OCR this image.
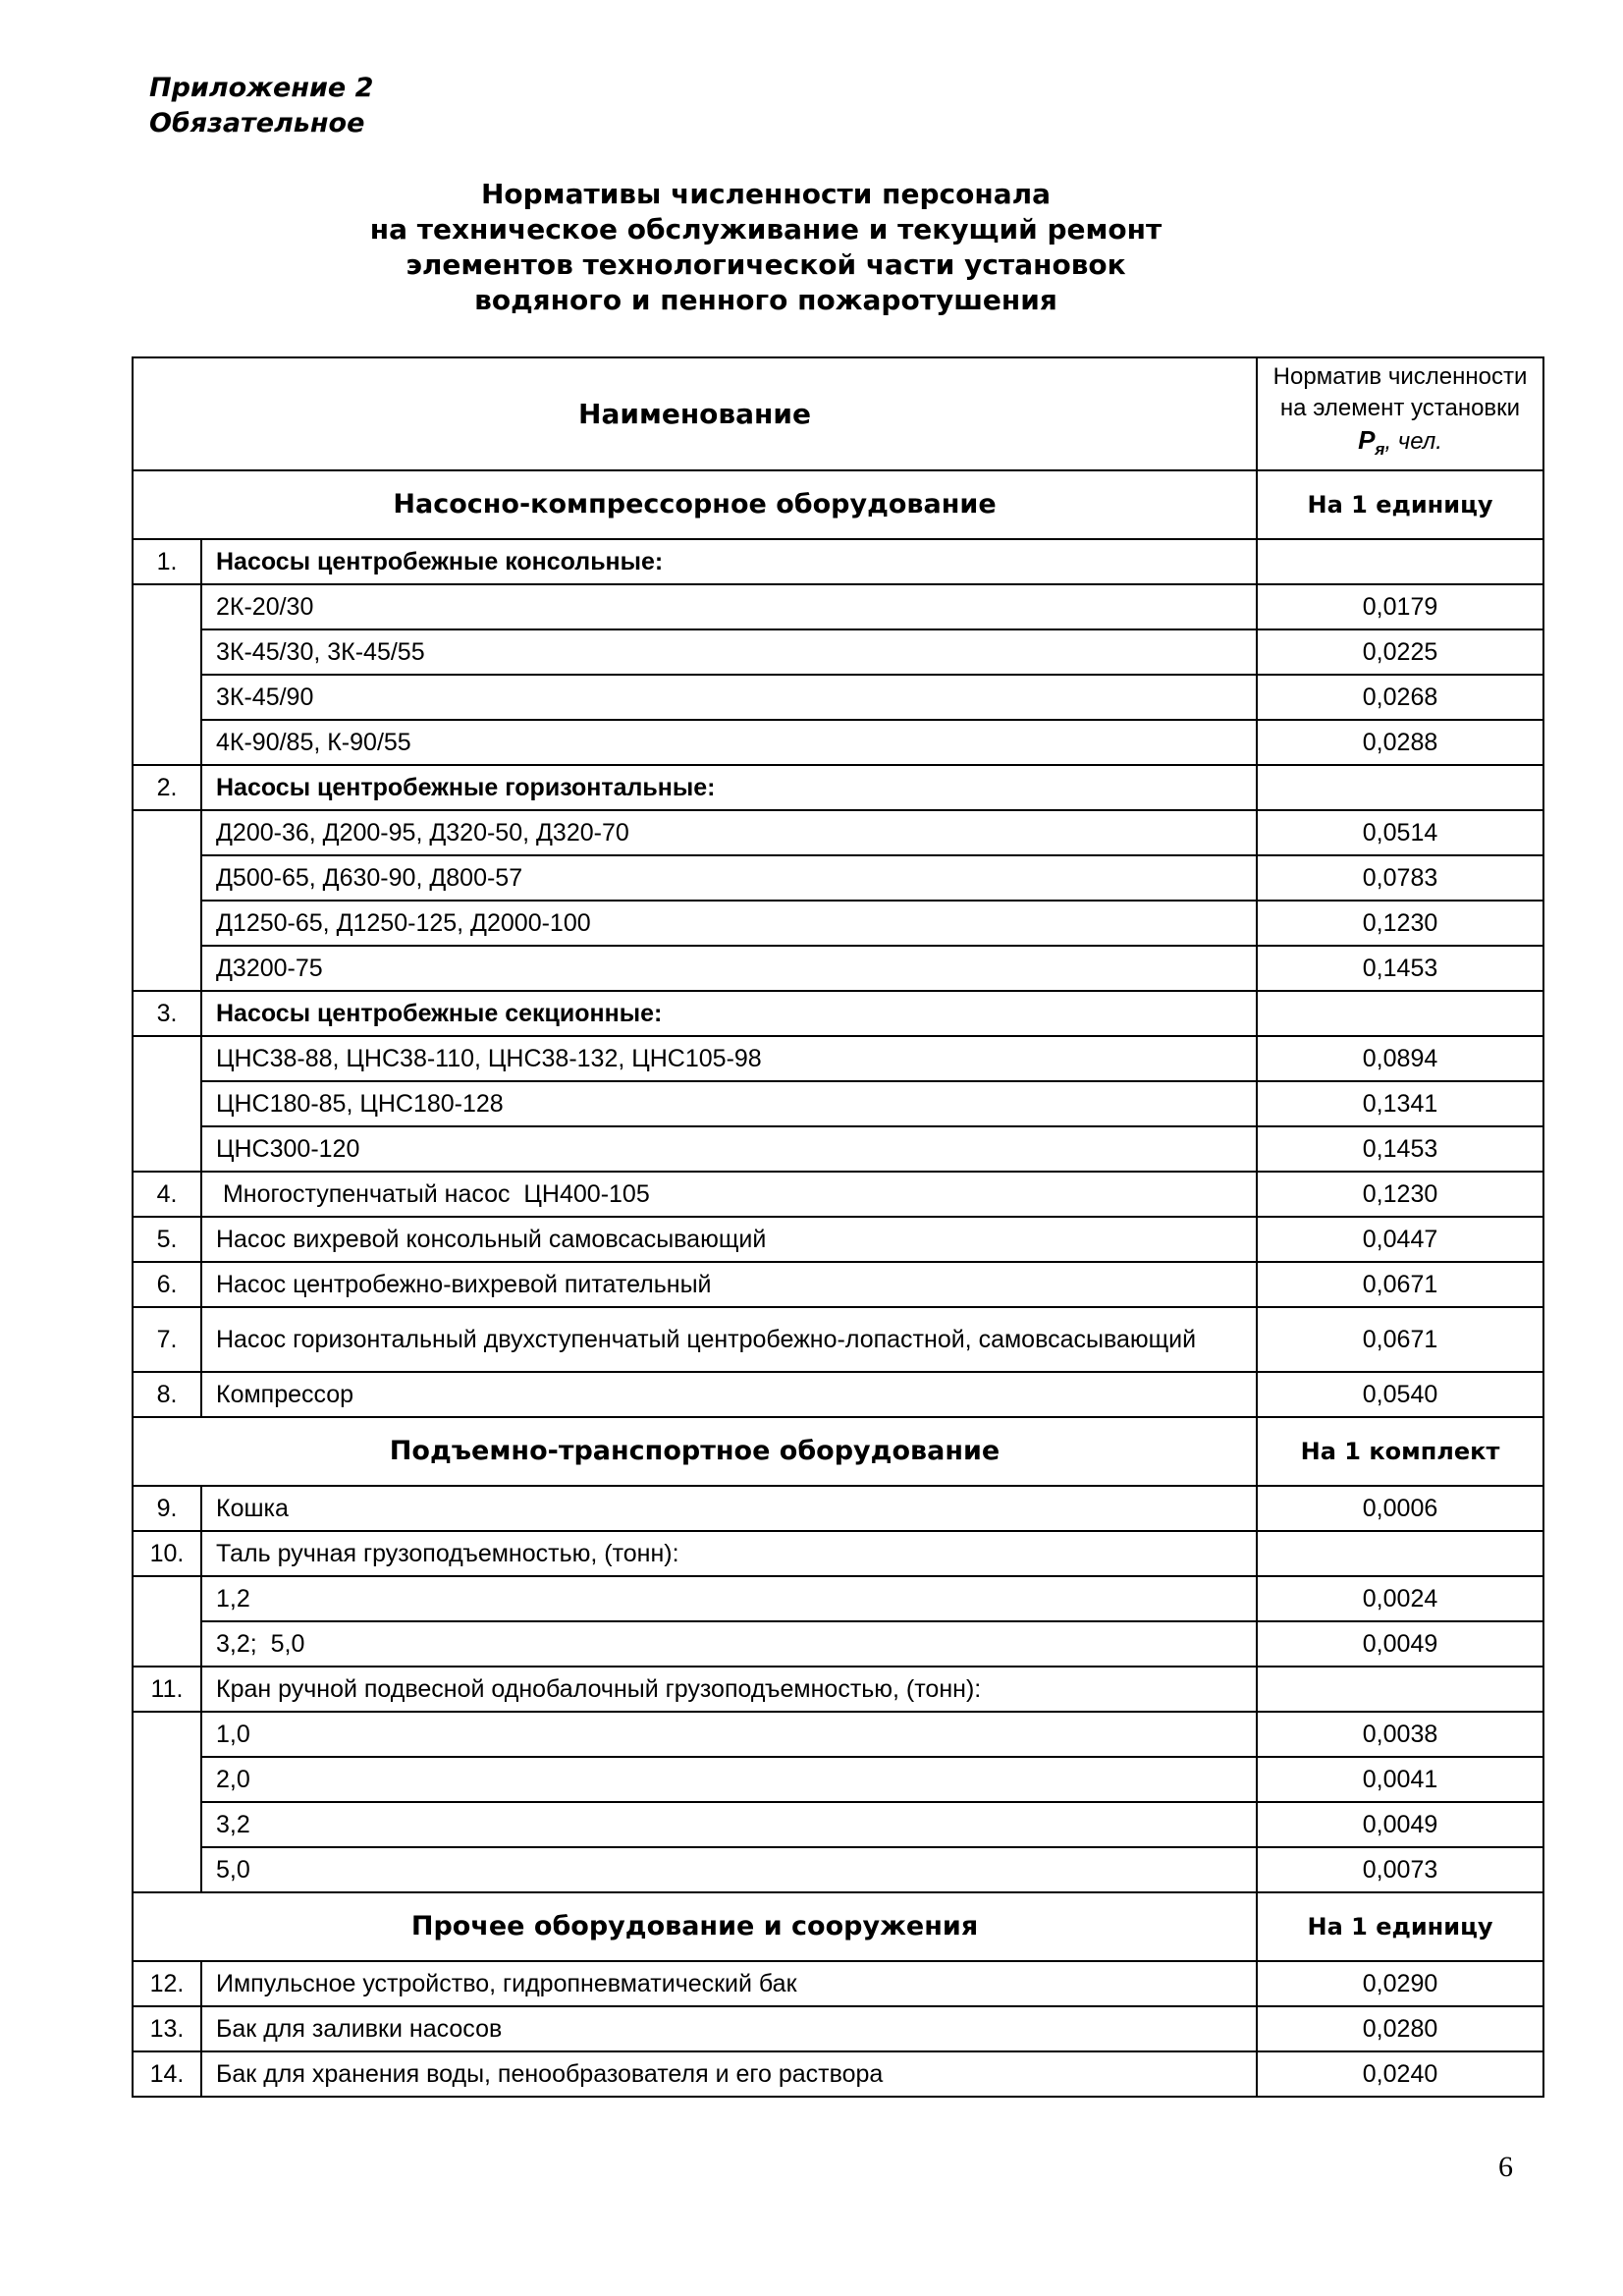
Приложение 2
Обязательное
Нормативы численности персонала
на техническое обслуживание и текущий ремонт
элементов технологической части установок
водяного и пенного пожаротушения
Наименование		Норматив численности
на элемент установки
$P_я$, чел.

Насосно-компрессорное оборудование		На 1 единицу
1.	Насосы центробежные консольные:	
	2К-20/30	0,0179
	3К-45/30, 3К-45/55	0,0225
	3К-45/90	0,0268
	4К-90/85, К-90/55	0,0288
2.	Насосы центробежные горизонтальные:	
	Д200-36, Д200-95, Д320-50, Д320-70	0,0514
	Д500-65, Д630-90, Д800-57	0,0783
	Д1250-65, Д1250-125, Д2000-100	0,1230
	Д3200-75	0,1453
3.	Насосы центробежные секционные:	
	ЦНС38-88, ЦНС38-110, ЦНС38-132, ЦНС105-98	0,0894
	ЦНС180-85, ЦНС180-128	0,1341
	ЦНС300-120	0,1453
4.	Многоступенчатый насос  ЦН400-105	0,1230
5.	Насос вихревой консольный самовсасывающий	0,0447
6.	Насос центробежно-вихревой питательный	0,0671
7.	Насос горизонтальный двухступенчатый центробежно-лопастной, самовсасывающий	0,0671
8.	Компрессор	0,0540
Подъемно-транспортное оборудование		На 1 комплект
9.	Кошка	0,0006
10.	Таль ручная грузоподъемностью, (тонн):	
	1,2	0,0024
	3,2;  5,0	0,0049
11.	Кран ручной подвесной однобалочный грузоподъемностью, (тонн):	
	1,0	0,0038
	2,0	0,0041
	3,2	0,0049
	5,0	0,0073
Прочее оборудование и сооружения		На 1 единицу
12.	Импульсное устройство, гидропневматический бак	0,0290
13.	Бак для заливки насосов	0,0280
14.	Бак для хранения воды, пенообразователя и его раствора	0,0240
6
